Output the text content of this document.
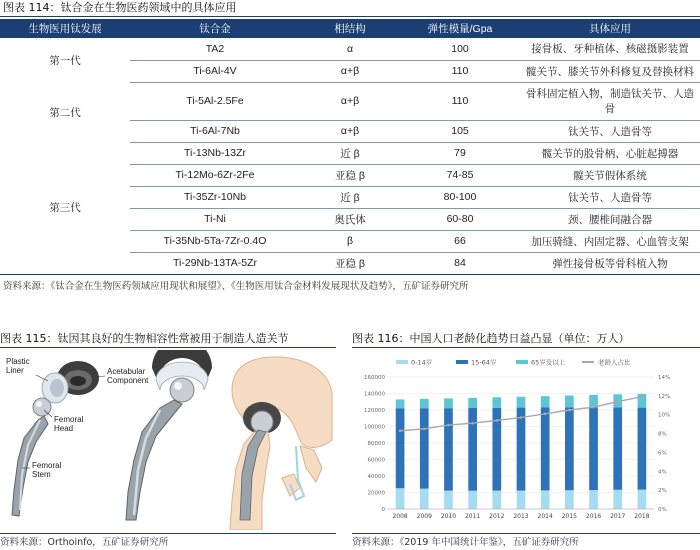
图表 114：钛合金在生物医药领域中的具体应用
生物医用钛发展	钛合金	相结构	弹性模量/Gpa	具体应用
第一代	TA2	α	100	接骨板、牙种植体、核磁摄影装置
	Ti-6Al-4V	α+β	110	髋关节、膝关节外科修复及替换材料
第二代	Ti-5Al-2.5Fe	α+β	110	骨科固定植入物，制造钛关节、人造
骨

	Ti-6Al-7Nb	α+β	105	钛关节、人造骨等
第三代	Ti-13Nb-13Zr	近 β	79	髋关节的股骨柄、心脏起搏器
	Ti-12Mo-6Zr-2Fe	亚稳 β	74-85	髋关节假体系统
	Ti-35Zr-10Nb	近 β	80-100	钛关节、人造骨等
	Ti-Ni	奥氏体	60-80	颈、腰椎间融合器
	Ti-35Nb-5Ta-7Zr-0.4O	β	66	加压骑缝、内固定器、心血管支架
	Ti-29Nb-13TA-5Zr	亚稳 β	84	弹性接骨板等骨科植入物
资料来源：《钛合金在生物医药领域应用现状和展望》、《生物医用钛合金材料发展现状及趋势》，五矿证券研究所
图表 115：钛因其良好的生物相容性常被用于制造人造关节
Plastic
Liner	Acetabular
Component
Femoral
Head
Femoral
Stem
资料来源：Orthoinfo，五矿证券研究所
图表 116：中国人口老龄化趋势日益凸显（单位：万人）
0-14岁	15-64岁	65岁及以上	老龄人占比
0
20000
40000
60000
80000
100000
120000
140000
160000
0%
2%
4%
6%
8%
10%
12%
14%
2008 2009 2010 2011 2012 2013 2014 2015 2016 2017 2018
资料来源：《2019 年中国统计年鉴》，五矿证券研究所
